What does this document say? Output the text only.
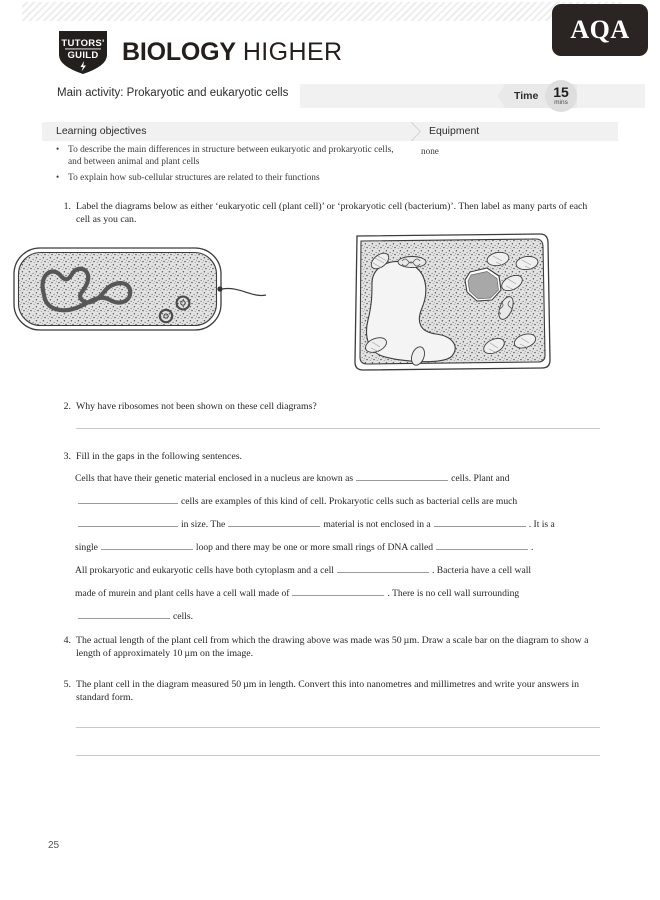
AQA
TUTORS'
GUILD BIOLOGY HIGHER
Main activity: Prokaryotic and eukaryotic cells	Time 15
mins
Learning objectives	Equipment
• To describe the main differences in structure between eukaryotic and prokaryotic cells, and between animal and plant cells
• To explain how sub-cellular structures are related to their functions
none
1. Label the diagrams below as either ‘eukaryotic cell (plant cell)’ or ‘prokaryotic cell (bacterium)’. Then label as many parts of each cell as you can.
2. Why have ribosomes not been shown on these cell diagrams?
3. Fill in the gaps in the following sentences.
Cells that have their genetic material enclosed in a nucleus are known as	cells. Plant and
cells are examples of this kind of cell. Prokaryotic cells such as bacterial cells are much
in size. The	material is not enclosed in a	. It is a
single	loop and there may be one or more small rings of DNA called	.
All prokaryotic and eukaryotic cells have both cytoplasm and a cell	. Bacteria have a cell wall
made of murein and plant cells have a cell wall made of	. There is no cell wall surrounding
cells.
4. The actual length of the plant cell from which the drawing above was made was 50 µm. Draw a scale bar on the diagram to show a length of approximately 10 µm on the image.
5. The plant cell in the diagram measured 50 µm in length. Convert this into nanometres and millimetres and write your answers in standard form.
25
